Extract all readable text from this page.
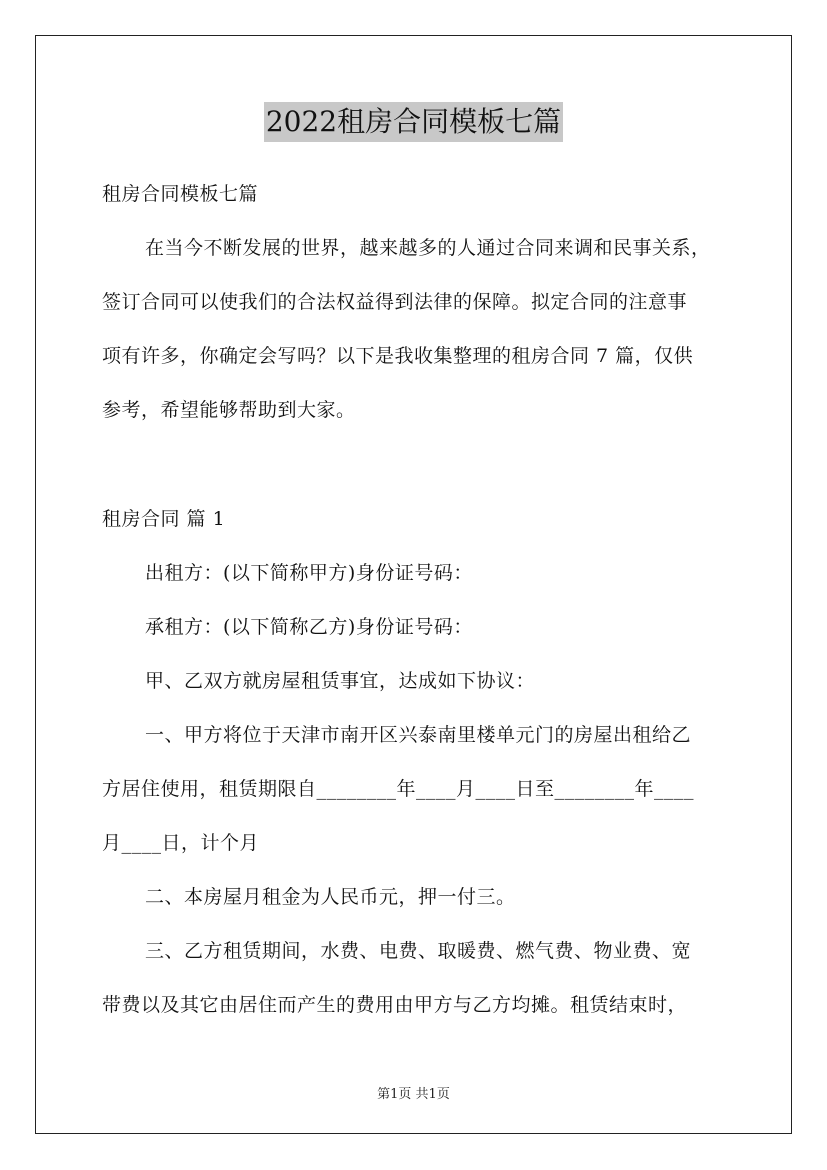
2022租房合同模板七篇
租房合同模板七篇
在当今不断发展的世界，越来越多的人通过合同来调和民事关系，
签订合同可以使我们的合法权益得到法律的保障。拟定合同的注意事
项有许多，你确定会写吗？以下是我收集整理的租房合同 7 篇，仅供
参考，希望能够帮助到大家。
租房合同 篇 1
出租方：(以下简称甲方)身份证号码：
承租方：(以下简称乙方)身份证号码：
甲、乙双方就房屋租赁事宜，达成如下协议：
一、甲方将位于天津市南开区兴泰南里楼单元门的房屋出租给乙
方居住使用，租赁期限自________年____月____日至________年____
月____日，计个月
二、本房屋月租金为人民币元，押一付三。
三、乙方租赁期间，水费、电费、取暖费、燃气费、物业费、宽
带费以及其它由居住而产生的费用由甲方与乙方均摊。租赁结束时，
第1页 共1页
